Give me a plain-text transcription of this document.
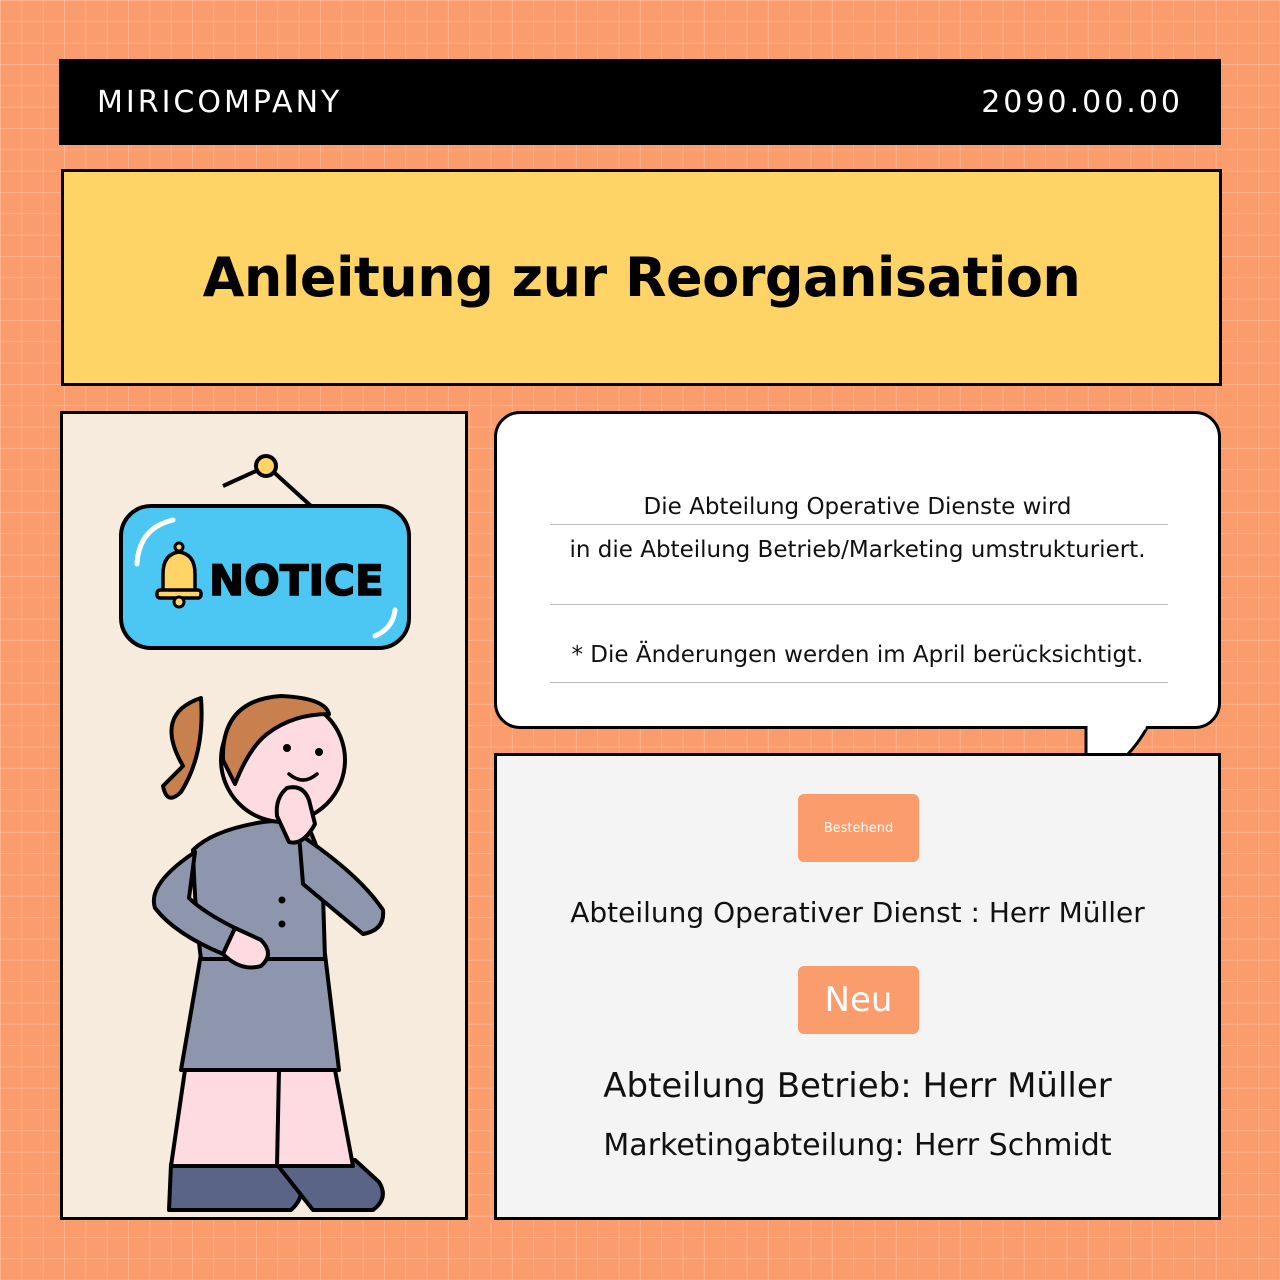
MIRICOMPANY	2090.00.00
Anleitung zur Reorganisation
NOTICE
Die Abteilung Operative Dienste wird
in die Abteilung Betrieb/Marketing umstrukturiert.
* Die Änderungen werden im April berücksichtigt.
Bestehend
Abteilung Operativer Dienst : Herr Müller
Neu
Abteilung Betrieb: Herr Müller
Marketingabteilung: Herr Schmidt
